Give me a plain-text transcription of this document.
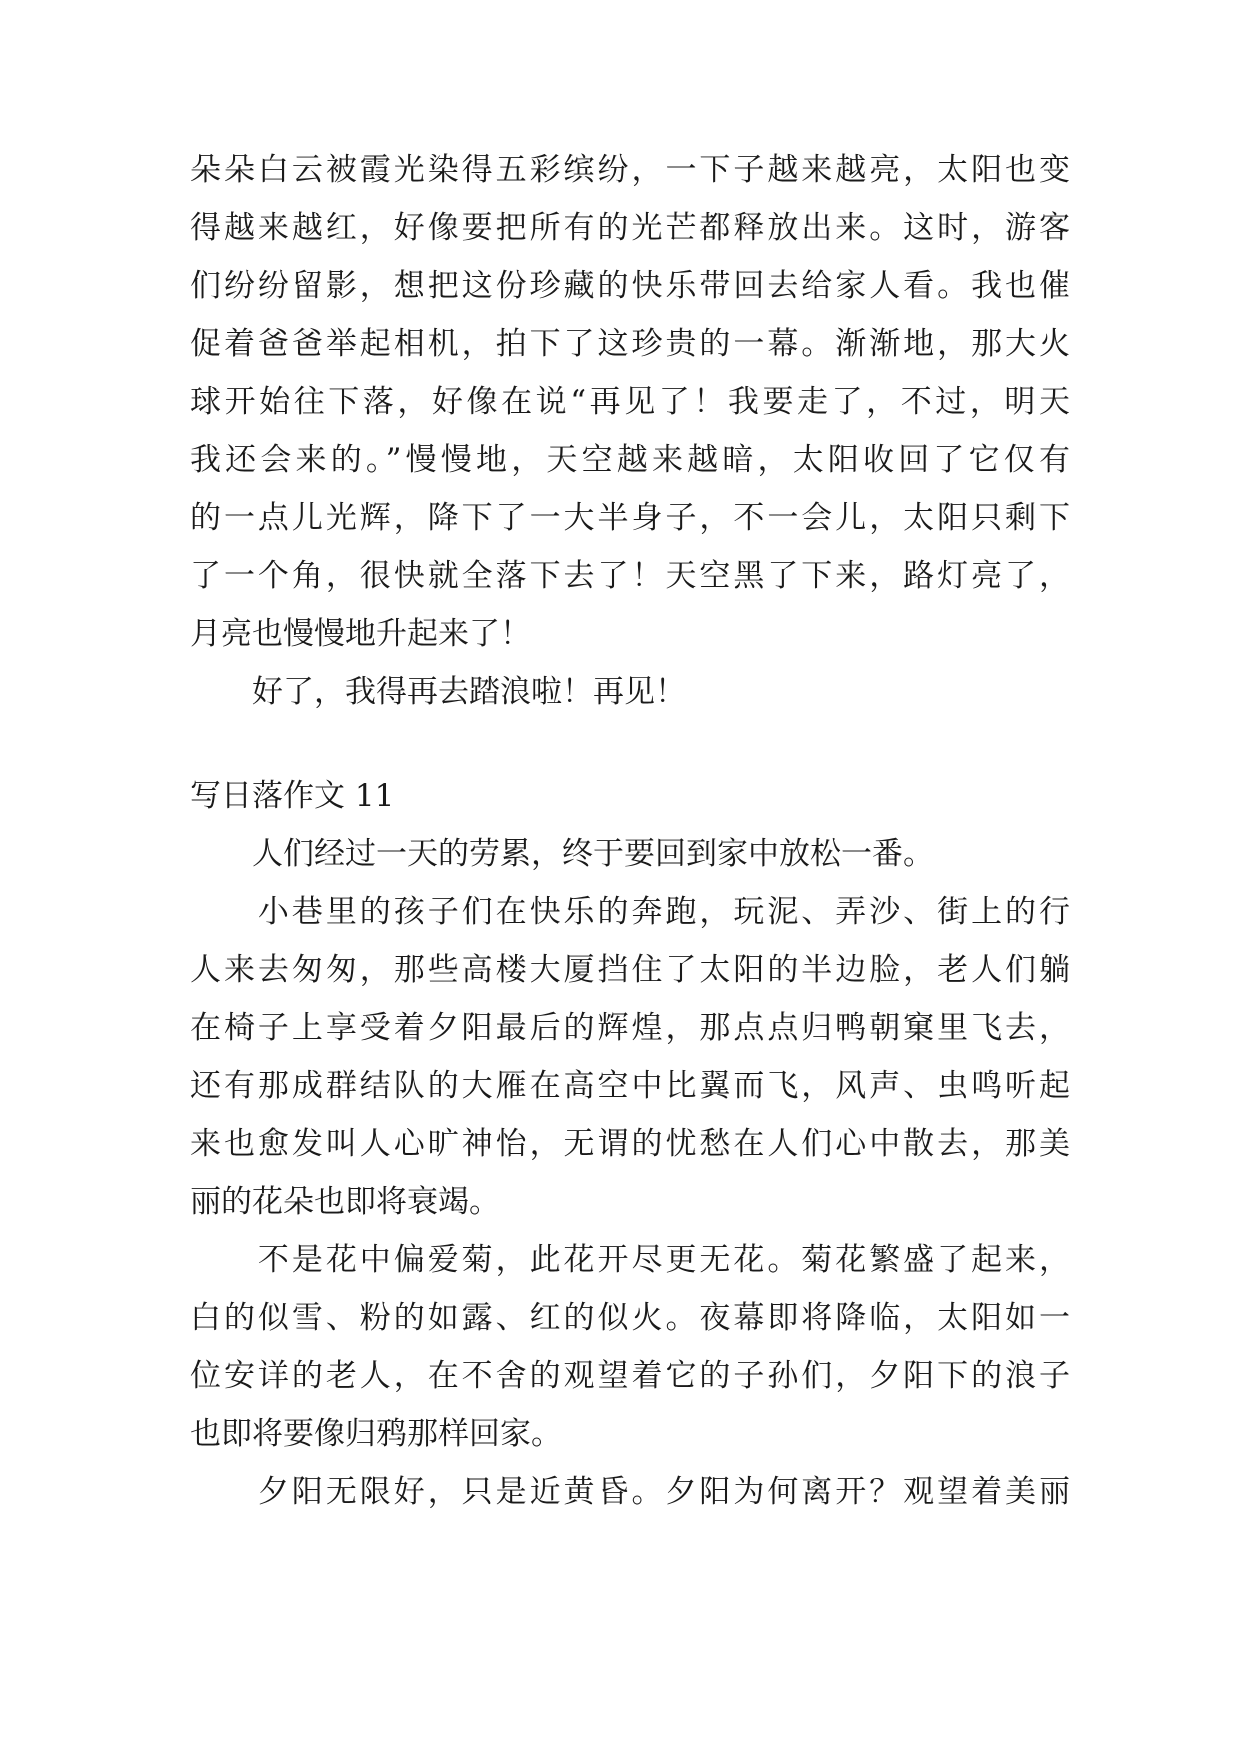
朵朵白云被霞光染得五彩缤纷，一下子越来越亮，太阳也变
得越来越红，好像要把所有的光芒都释放出来。这时，游客
们纷纷留影，想把这份珍藏的快乐带回去给家人看。我也催
促着爸爸举起相机，拍下了这珍贵的一幕。渐渐地，那大火
球开始往下落，好像在说“再见了！我要走了，不过，明天
我还会来的。”慢慢地，天空越来越暗，太阳收回了它仅有
的一点儿光辉，降下了一大半身子，不一会儿，太阳只剩下
了一个角，很快就全落下去了！天空黑了下来，路灯亮了，
月亮也慢慢地升起来了！
　　好了，我得再去踏浪啦！再见！
写日落作文 11
　　人们经过一天的劳累，终于要回到家中放松一番。
　　小巷里的孩子们在快乐的奔跑，玩泥、弄沙、街上的行
人来去匆匆，那些高楼大厦挡住了太阳的半边脸，老人们躺
在椅子上享受着夕阳最后的辉煌，那点点归鸭朝窠里飞去，
还有那成群结队的大雁在高空中比翼而飞，风声、虫鸣听起
来也愈发叫人心旷神怡，无谓的忧愁在人们心中散去，那美
丽的花朵也即将衰竭。
　　不是花中偏爱菊，此花开尽更无花。菊花繁盛了起来，
白的似雪、粉的如露、红的似火。夜幕即将降临，太阳如一
位安详的老人，在不舍的观望着它的子孙们，夕阳下的浪子
也即将要像归鸦那样回家。
　　夕阳无限好，只是近黄昏。夕阳为何离开？观望着美丽
